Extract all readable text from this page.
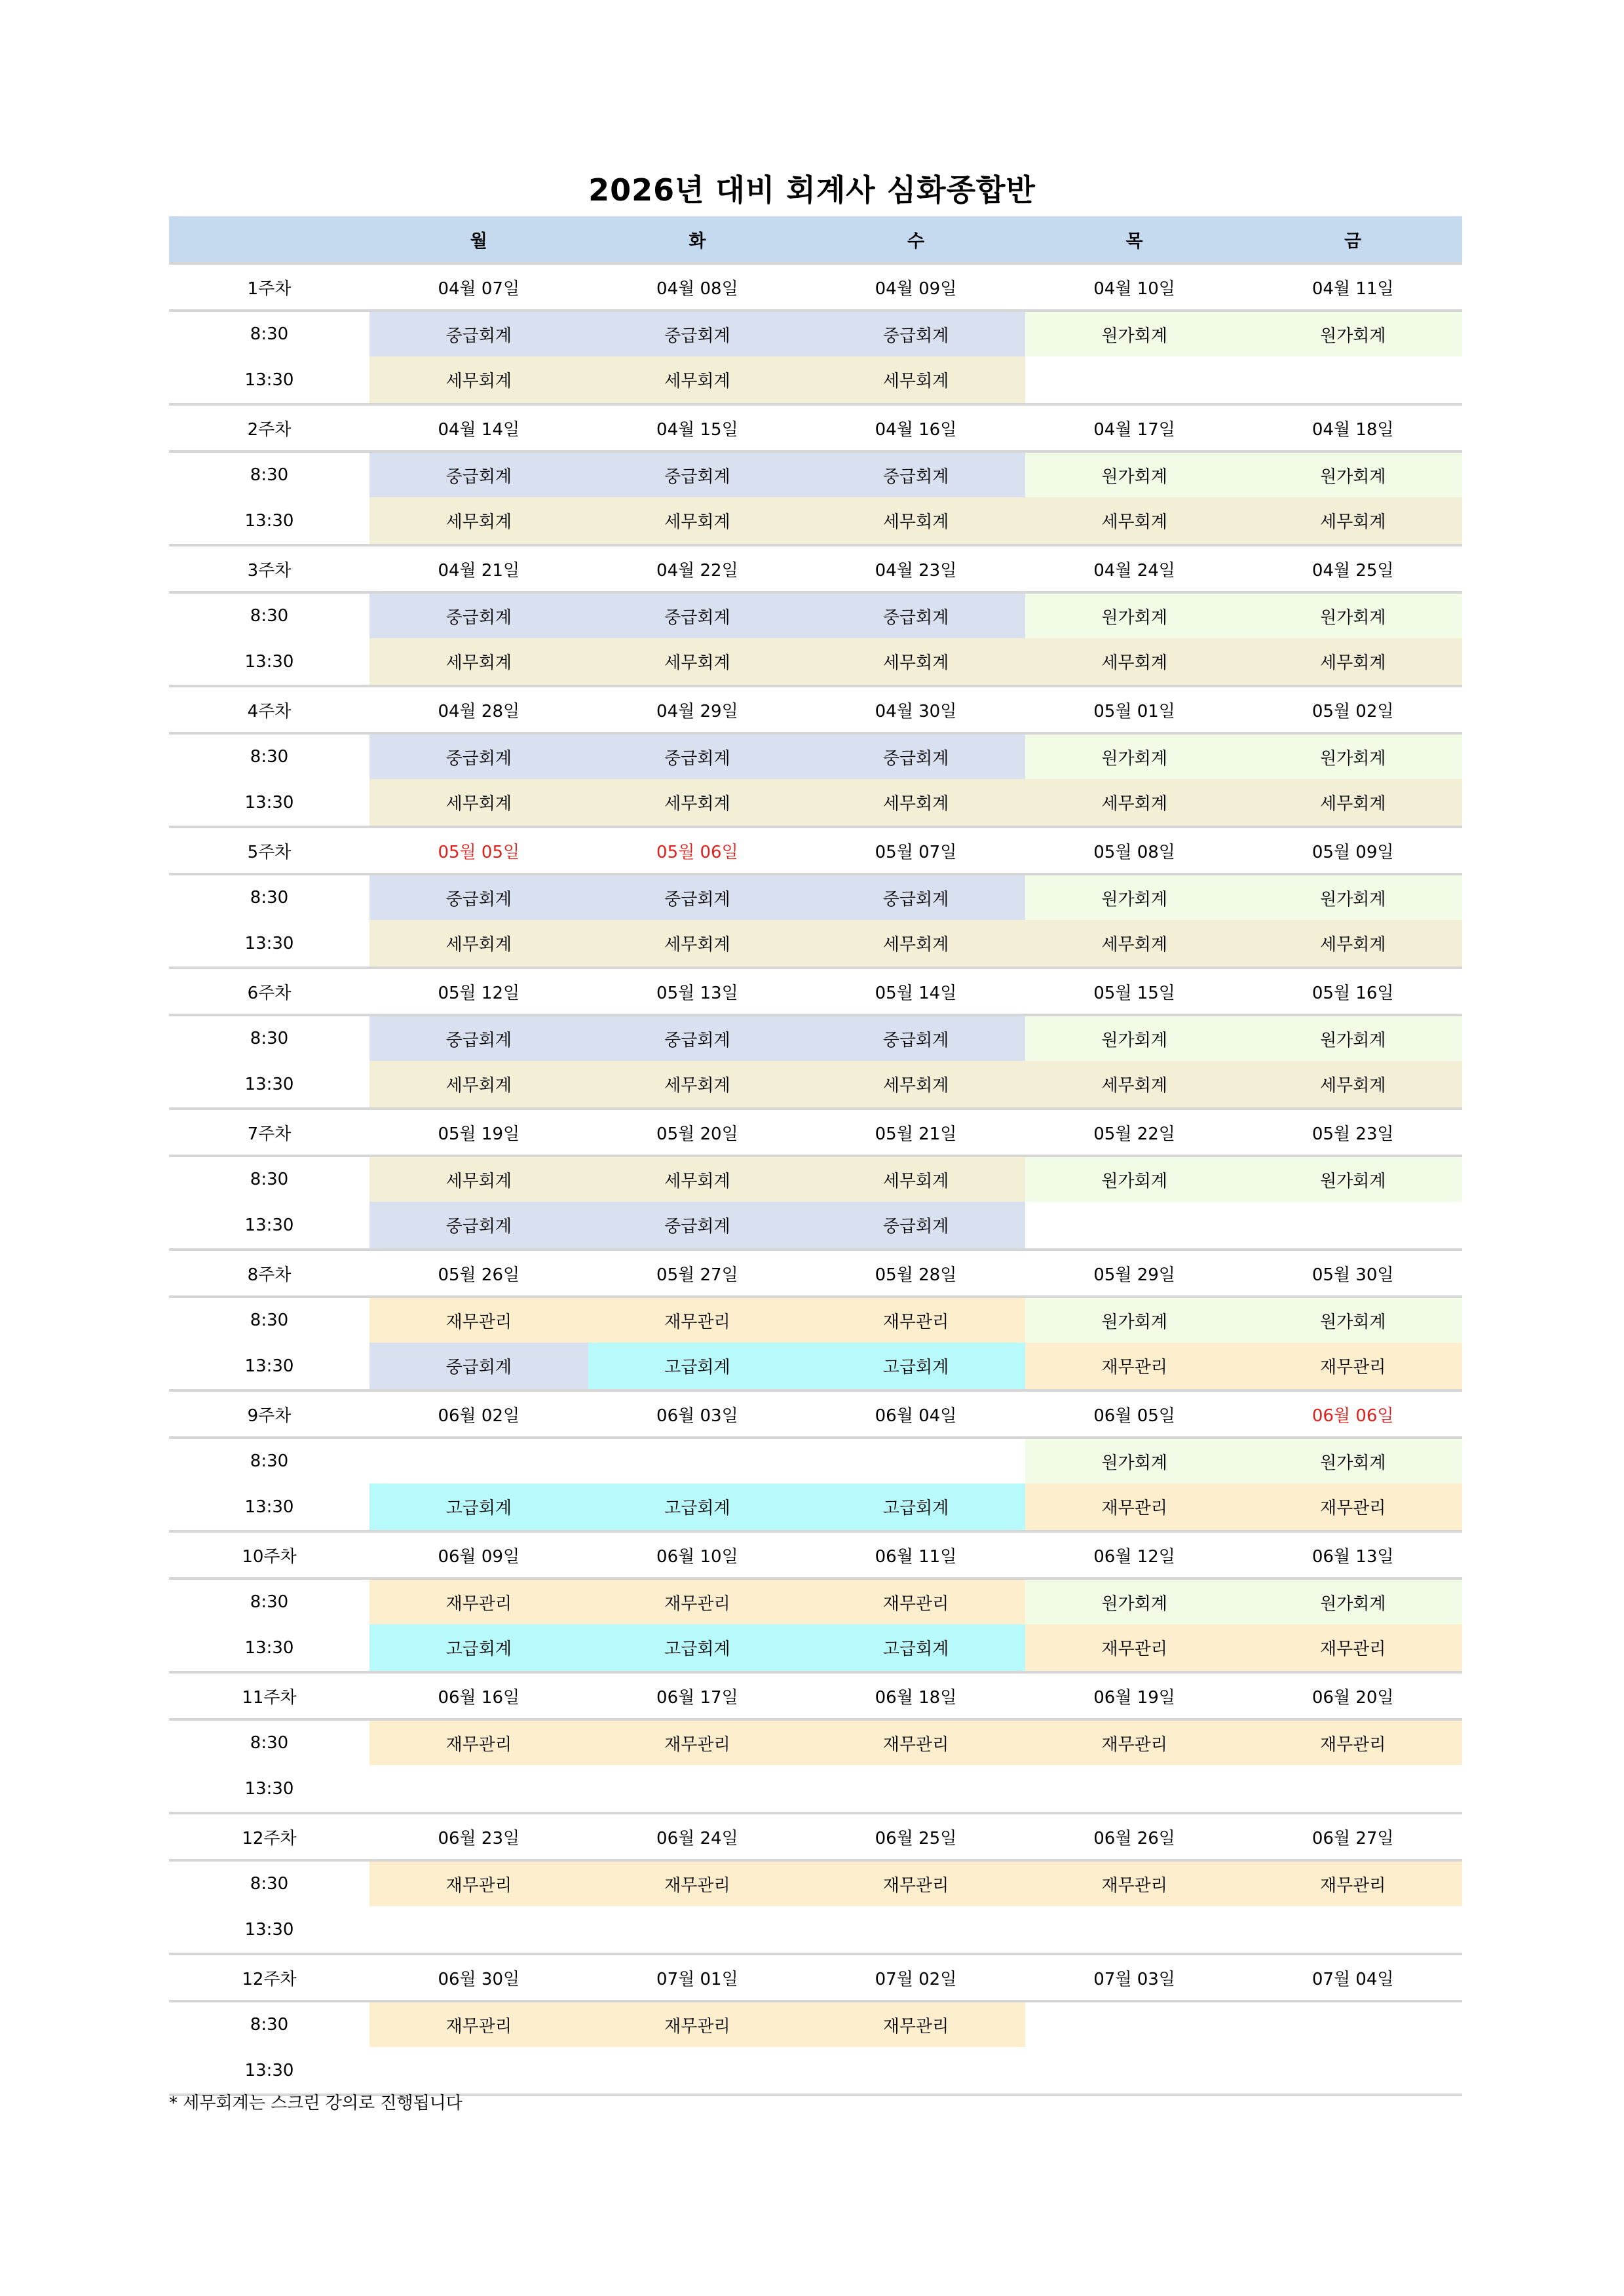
2026년 대비 회계사 심화종합반
	월	화	수	목	금
1주차	04월 07일	04월 08일	04월 09일	04월 10일	04월 11일
8:30	중급회계	중급회계	중급회계	원가회계	원가회계
13:30	세무회계	세무회계	세무회계		
2주차	04월 14일	04월 15일	04월 16일	04월 17일	04월 18일
8:30	중급회계	중급회계	중급회계	원가회계	원가회계
13:30	세무회계	세무회계	세무회계	세무회계	세무회계
3주차	04월 21일	04월 22일	04월 23일	04월 24일	04월 25일
8:30	중급회계	중급회계	중급회계	원가회계	원가회계
13:30	세무회계	세무회계	세무회계	세무회계	세무회계
4주차	04월 28일	04월 29일	04월 30일	05월 01일	05월 02일
8:30	중급회계	중급회계	중급회계	원가회계	원가회계
13:30	세무회계	세무회계	세무회계	세무회계	세무회계
5주차	05월 05일	05월 06일	05월 07일	05월 08일	05월 09일
8:30	중급회계	중급회계	중급회계	원가회계	원가회계
13:30	세무회계	세무회계	세무회계	세무회계	세무회계
6주차	05월 12일	05월 13일	05월 14일	05월 15일	05월 16일
8:30	중급회계	중급회계	중급회계	원가회계	원가회계
13:30	세무회계	세무회계	세무회계	세무회계	세무회계
7주차	05월 19일	05월 20일	05월 21일	05월 22일	05월 23일
8:30	세무회계	세무회계	세무회계	원가회계	원가회계
13:30	중급회계	중급회계	중급회계		
8주차	05월 26일	05월 27일	05월 28일	05월 29일	05월 30일
8:30	재무관리	재무관리	재무관리	원가회계	원가회계
13:30	중급회계	고급회계	고급회계	재무관리	재무관리
9주차	06월 02일	06월 03일	06월 04일	06월 05일	06월 06일
8:30				원가회계	원가회계
13:30	고급회계	고급회계	고급회계	재무관리	재무관리
10주차	06월 09일	06월 10일	06월 11일	06월 12일	06월 13일
8:30	재무관리	재무관리	재무관리	원가회계	원가회계
13:30	고급회계	고급회계	고급회계	재무관리	재무관리
11주차	06월 16일	06월 17일	06월 18일	06월 19일	06월 20일
8:30	재무관리	재무관리	재무관리	재무관리	재무관리
13:30					
12주차	06월 23일	06월 24일	06월 25일	06월 26일	06월 27일
8:30	재무관리	재무관리	재무관리	재무관리	재무관리
13:30					
12주차	06월 30일	07월 01일	07월 02일	07월 03일	07월 04일
8:30	재무관리	재무관리	재무관리		
13:30					
* 세무회계는 스크린 강의로 진행됩니다
